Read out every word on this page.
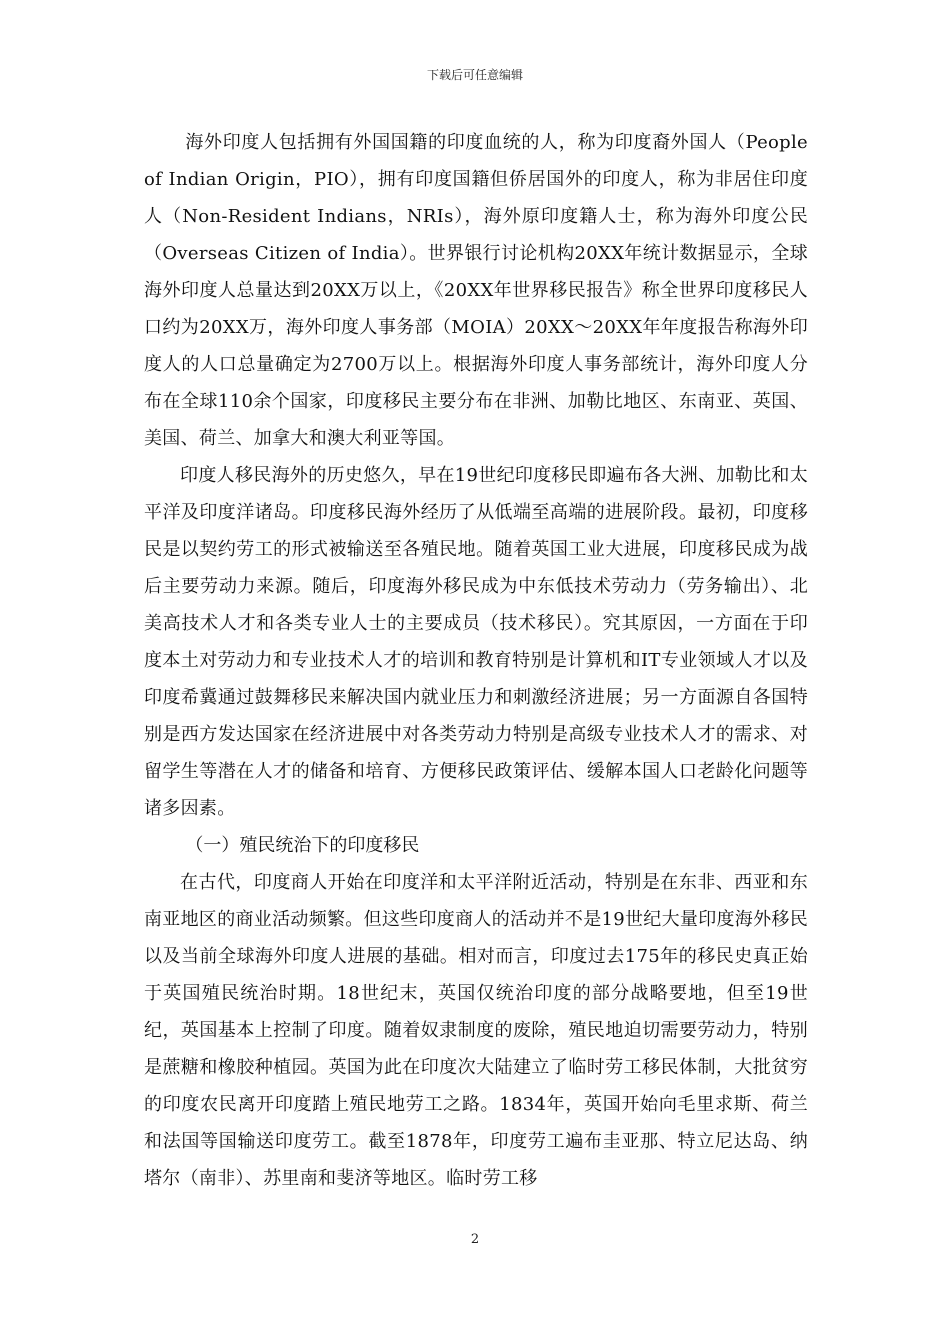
下载后可任意编辑

海外印度人包括拥有外国国籍的印度血统的人，称为印度裔外国人（People of Indian Origin，PIO），拥有印度国籍但侨居国外的印度人，称为非居住印度人（Non-Resident Indians，NRIs），海外原印度籍人士，称为海外印度公民（Overseas Citizen of India）。世界银行讨论机构20XX年统计数据显示，全球海外印度人总量达到20XX万以上，《20XX年世界移民报告》称全世界印度移民人口约为20XX万，海外印度人事务部（MOIA）20XX～20XX年年度报告称海外印度人的人口总量确定为2700万以上。根据海外印度人事务部统计，海外印度人分布在全球110余个国家，印度移民主要分布在非洲、加勒比地区、东南亚、英国、美国、荷兰、加拿大和澳大利亚等国。

印度人移民海外的历史悠久，早在19世纪印度移民即遍布各大洲、加勒比和太平洋及印度洋诸岛。印度移民海外经历了从低端至高端的进展阶段。最初，印度移民是以契约劳工的形式被输送至各殖民地。随着英国工业大进展，印度移民成为战后主要劳动力来源。随后，印度海外移民成为中东低技术劳动力（劳务输出）、北美高技术人才和各类专业人士的主要成员（技术移民）。究其原因，一方面在于印度本土对劳动力和专业技术人才的培训和教育特别是计算机和IT专业领域人才以及印度希冀通过鼓舞移民来解决国内就业压力和刺激经济进展；另一方面源自各国特别是西方发达国家在经济进展中对各类劳动力特别是高级专业技术人才的需求、对留学生等潜在人才的储备和培育、方便移民政策评估、缓解本国人口老龄化问题等诸多因素。

（一）殖民统治下的印度移民

在古代，印度商人开始在印度洋和太平洋附近活动，特别是在东非、西亚和东南亚地区的商业活动频繁。但这些印度商人的活动并不是19世纪大量印度海外移民以及当前全球海外印度人进展的基础。相对而言，印度过去175年的移民史真正始于英国殖民统治时期。18世纪末，英国仅统治印度的部分战略要地，但至19世纪，英国基本上控制了印度。随着奴隶制度的废除，殖民地迫切需要劳动力，特别是蔗糖和橡胶种植园。英国为此在印度次大陆建立了临时劳工移民体制，大批贫穷的印度农民离开印度踏上殖民地劳工之路。1834年，英国开始向毛里求斯、荷兰和法国等国输送印度劳工。截至1878年，印度劳工遍布圭亚那、特立尼达岛、纳塔尔（南非）、苏里南和斐济等地区。临时劳工移

2
